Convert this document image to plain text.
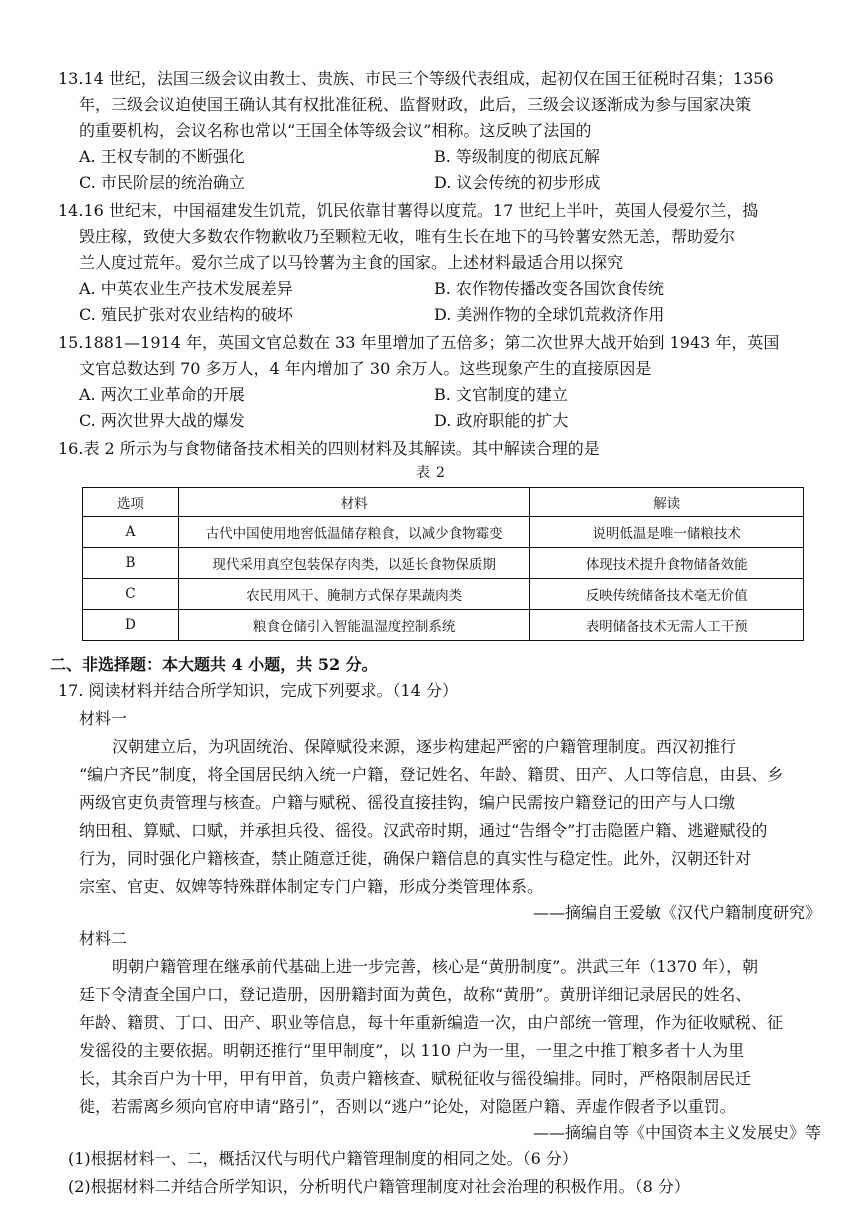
13.14 世纪，法国三级会议由教士、贵族、市民三个等级代表组成，起初仅在国王征税时召集；1356
年，三级会议迫使国王确认其有权批准征税、监督财政，此后，三级会议逐渐成为参与国家决策
的重要机构，会议名称也常以“王国全体等级会议”相称。这反映了法国的
A. 王权专制的不断强化	B. 等级制度的彻底瓦解
C. 市民阶层的统治确立	D. 议会传统的初步形成
14.16 世纪末，中国福建发生饥荒，饥民依靠甘薯得以度荒。17 世纪上半叶，英国人侵爱尔兰，捣
毁庄稼，致使大多数农作物歉收乃至颗粒无收，唯有生长在地下的马铃薯安然无恙，帮助爱尔
兰人度过荒年。爱尔兰成了以马铃薯为主食的国家。上述材料最适合用以探究
A. 中英农业生产技术发展差异	B. 农作物传播改变各国饮食传统
C. 殖民扩张对农业结构的破坏	D. 美洲作物的全球饥荒救济作用
15.1881—1914 年，英国文官总数在 33 年里增加了五倍多；第二次世界大战开始到 1943 年，英国
文官总数达到 70 多万人，4 年内增加了 30 余万人。这些现象产生的直接原因是
A. 两次工业革命的开展	B. 文官制度的建立
C. 两次世界大战的爆发	D. 政府职能的扩大
16.表 2 所示为与食物储备技术相关的四则材料及其解读。其中解读合理的是
表2
选项	材料	解读
A	古代中国使用地窖低温储存粮食，以减少食物霉变	说明低温是唯一储粮技术
B	现代采用真空包装保存肉类，以延长食物保质期	体现技术提升食物储备效能
C	农民用风干、腌制方式保存果蔬肉类	反映传统储备技术毫无价值
D	粮食仓储引入智能温湿度控制系统	表明储备技术无需人工干预
二、非选择题：本大题共 4 小题，共 52 分。
17. 阅读材料并结合所学知识，完成下列要求。（14 分）
材料一
汉朝建立后，为巩固统治、保障赋役来源，逐步构建起严密的户籍管理制度。西汉初推行
“编户齐民”制度，将全国居民纳入统一户籍，登记姓名、年龄、籍贯、田产、人口等信息，由县、乡
两级官吏负责管理与核查。户籍与赋税、徭役直接挂钩，编户民需按户籍登记的田产与人口缴
纳田租、算赋、口赋，并承担兵役、徭役。汉武帝时期，通过“告缗令”打击隐匿户籍、逃避赋役的
行为，同时强化户籍核查，禁止随意迁徙，确保户籍信息的真实性与稳定性。此外，汉朝还针对
宗室、官吏、奴婢等特殊群体制定专门户籍，形成分类管理体系。
——摘编自王爱敏《汉代户籍制度研究》
材料二
明朝户籍管理在继承前代基础上进一步完善，核心是“黄册制度”。洪武三年（1370 年），朝
廷下令清查全国户口，登记造册，因册籍封面为黄色，故称“黄册”。黄册详细记录居民的姓名、
年龄、籍贯、丁口、田产、职业等信息，每十年重新编造一次，由户部统一管理，作为征收赋税、征
发徭役的主要依据。明朝还推行“里甲制度”，以 110 户为一里，一里之中推丁粮多者十人为里
长，其余百户为十甲，甲有甲首，负责户籍核查、赋税征收与徭役编排。同时，严格限制居民迁
徙，若需离乡须向官府申请“路引”，否则以“逃户”论处，对隐匿户籍、弄虚作假者予以重罚。
——摘编自等《中国资本主义发展史》等
(1)根据材料一、二，概括汉代与明代户籍管理制度的相同之处。（6 分）
(2)根据材料二并结合所学知识，分析明代户籍管理制度对社会治理的积极作用。（8 分）
